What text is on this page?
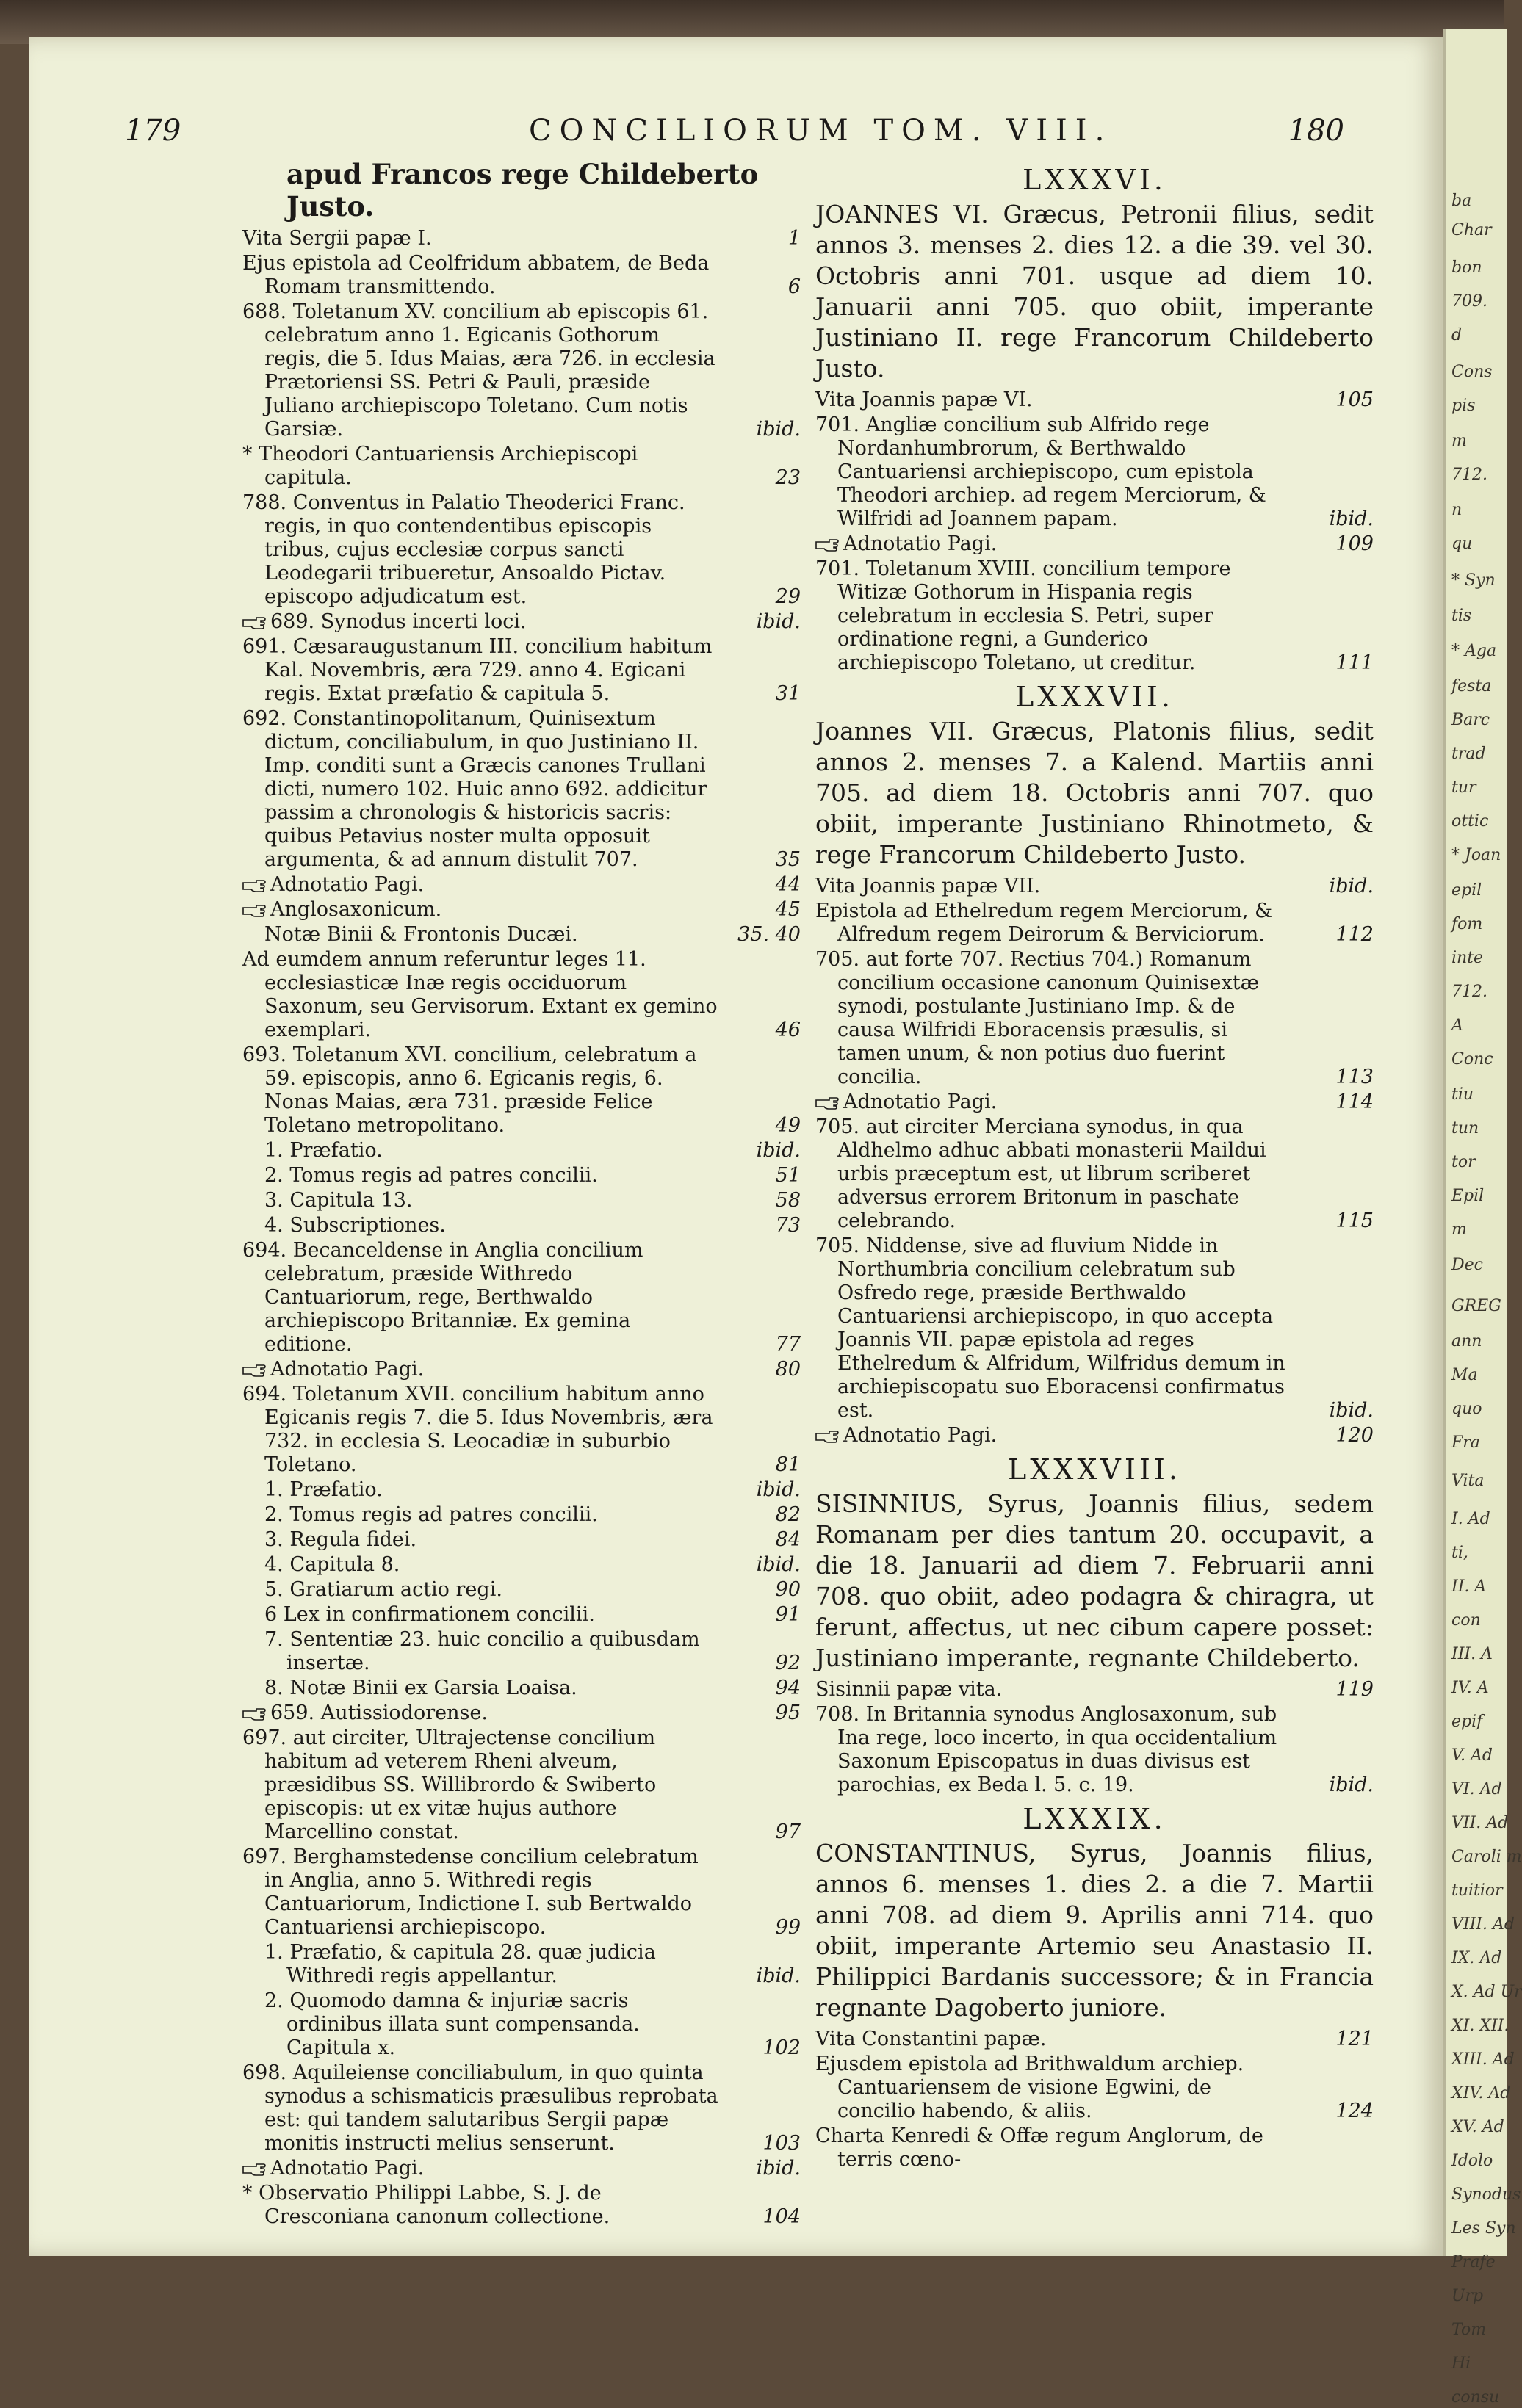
ba
Char
bon
709.
d
Cons
pis
m
712.
n
qu
* Syn
tis
* Aga
festa
Barc
trad
tur
ottic
* Joan
epil
fom
inte
712.
A
Conc
tiu
tun
tor
Epil
m
Dec
GREG
ann
Ma
quo
Fra
Vita
I. Ad
ti,
II. A
con
III. A
IV. A
epif
V. Ad
VI. Ad
VII. Ad
Caroli m
tuitior
VIII. Ad
IX. Ad
X. Ad Ur
XI. XII.
XIII. Ad
XIV. Ad
XV. Ad
Idolo
Synodus
Les Syn
Prafe
Urp
Tom
Hi
consu
179	CONCILIORUM TOM. VIII.	180
apud Francos rege Childeberto Justo.
Vita Sergii papæ I.	1
Ejus epistola ad Ceolfridum abbatem, de Beda Romam transmittendo.	6
688. Toletanum XV. concilium ab episcopis 61. celebratum anno 1. Egicanis Gothorum regis, die 5. Idus Maias, æra 726. in ecclesia Prætoriensi SS. Petri & Pauli, præside Juliano archiepiscopo Toletano. Cum notis Garsiæ.	ibid.
* Theodori Cantuariensis Archiepiscopi capitula.	23
788. Conventus in Palatio Theoderici Franc. regis, in quo contendentibus episcopis tribus, cujus ecclesiæ corpus sancti Leodegarii tribueretur, Ansoaldo Pictav. episcopo adjudicatum est.	29
689. Synodus incerti loci.	ibid.
691. Cæsaraugustanum III. concilium habitum Kal. Novembris, æra 729. anno 4. Egicani regis. Extat præfatio & capitula 5.	31
692. Constantinopolitanum, Quinisextum dictum, conciliabulum, in quo Justiniano II. Imp. conditi sunt a Græcis canones Trullani dicti, numero 102. Huic anno 692. addicitur passim a chronologis & historicis sacris: quibus Petavius noster multa opposuit argumenta, & ad annum distulit 707.	35
Adnotatio Pagi.	44
Anglosaxonicum.	45
Notæ Binii & Frontonis Ducæi.	35. 40
Ad eumdem annum referuntur leges 11. ecclesiasticæ Inæ regis occiduorum Saxonum, seu Gervisorum. Extant ex gemino exemplari.	46
693. Toletanum XVI. concilium, celebratum a 59. episcopis, anno 6. Egicanis regis, 6. Nonas Maias, æra 731. præside Felice Toletano metropolitano.	49
1. Præfatio.	ibid.
2. Tomus regis ad patres concilii.	51
3. Capitula 13.	58
4. Subscriptiones.	73
694. Becanceldense in Anglia concilium celebratum, præside Withredo Cantuariorum, rege, Berthwaldo archiepiscopo Britanniæ. Ex gemina editione.	77
Adnotatio Pagi.	80
694. Toletanum XVII. concilium habitum anno Egicanis regis 7. die 5. Idus Novembris, æra 732. in ecclesia S. Leocadiæ in suburbio Toletano.	81
1. Præfatio.	ibid.
2. Tomus regis ad patres concilii.	82
3. Regula fidei.	84
4. Capitula 8.	ibid.
5. Gratiarum actio regi.	90
6 Lex in confirmationem concilii.	91
7. Sententiæ 23. huic concilio a quibusdam insertæ.	92
8. Notæ Binii ex Garsia Loaisa.	94
659. Autissiodorense.	95
697. aut circiter, Ultrajectense concilium habitum ad veterem Rheni alveum, præsidibus SS. Willibrordo & Swiberto episcopis: ut ex vitæ hujus authore Marcellino constat.	97
697. Berghamstedense concilium celebratum in Anglia, anno 5. Withredi regis Cantuariorum, Indictione I. sub Bertwaldo Cantuariensi archiepiscopo.	99
1. Præfatio, & capitula 28. quæ judicia Withredi regis appellantur.	ibid.
2. Quomodo damna & injuriæ sacris ordinibus illata sunt compensanda. Capitula x.	102
698. Aquileiense conciliabulum, in quo quinta synodus a schismaticis præsulibus reprobata est: qui tandem salutaribus Sergii papæ monitis instructi melius senserunt.	103
Adnotatio Pagi.	ibid.
* Observatio Philippi Labbe, S. J. de Cresconiana canonum collectione.	104
LXXXVI.
JOANNES VI. Græcus, Petronii filius, sedit annos 3. menses 2. dies 12. a die 39. vel 30. Octobris anni 701. usque ad diem 10. Januarii anni 705. quo obiit, imperante Justiniano II. rege Francorum Childeberto Justo.
Vita Joannis papæ VI.	105
701. Angliæ concilium sub Alfrido rege Nordanhumbrorum, & Berthwaldo Cantuariensi archiepiscopo, cum epistola Theodori archiep. ad regem Merciorum, & Wilfridi ad Joannem papam.	ibid.
Adnotatio Pagi.	109
701. Toletanum XVIII. concilium tempore Witizæ Gothorum in Hispania regis celebratum in ecclesia S. Petri, super ordinatione regni, a Gunderico archiepiscopo Toletano, ut creditur.	111
LXXXVII.
Joannes VII. Græcus, Platonis filius, sedit annos 2. menses 7. a Kalend. Martiis anni 705. ad diem 18. Octobris anni 707. quo obiit, imperante Justiniano Rhinotmeto, & rege Francorum Childeberto Justo.
Vita Joannis papæ VII.	ibid.
Epistola ad Ethelredum regem Merciorum, & Alfredum regem Deirorum & Berviciorum.	112
705. aut forte 707. Rectius 704.) Romanum concilium occasione canonum Quinisextæ synodi, postulante Justiniano Imp. & de causa Wilfridi Eboracensis præsulis, si tamen unum, & non potius duo fuerint concilia.	113
Adnotatio Pagi.	114
705. aut circiter Merciana synodus, in qua Aldhelmo adhuc abbati monasterii Maildui urbis præceptum est, ut librum scriberet adversus errorem Britonum in paschate celebrando.	115
705. Niddense, sive ad fluvium Nidde in Northumbria concilium celebratum sub Osfredo rege, præside Berthwaldo Cantuariensi archiepiscopo, in quo accepta Joannis VII. papæ epistola ad reges Ethelredum & Alfridum, Wilfridus demum in archiepiscopatu suo Eboracensi confirmatus est.	ibid.
Adnotatio Pagi.	120
LXXXVIII.
SISINNIUS, Syrus, Joannis filius, sedem Romanam per dies tantum 20. occupavit, a die 18. Januarii ad diem 7. Februarii anni 708. quo obiit, adeo podagra & chiragra, ut ferunt, affectus, ut nec cibum capere posset: Justiniano imperante, regnante Childeberto.
Sisinnii papæ vita.	119
708. In Britannia synodus Anglosaxonum, sub Ina rege, loco incerto, in qua occidentalium Saxonum Episcopatus in duas divisus est parochias, ex Beda l. 5. c. 19.	ibid.
LXXXIX.
CONSTANTINUS, Syrus, Joannis filius, annos 6. menses 1. dies 2. a die 7. Martii anni 708. ad diem 9. Aprilis anni 714. quo obiit, imperante Artemio seu Anastasio II. Philippici Bardanis successore; & in Francia regnante Dagoberto juniore.
Vita Constantini papæ.	121
Ejusdem epistola ad Brithwaldum archiep. Cantuariensem de visione Egwini, de concilio habendo, & aliis.	124
Charta Kenredi & Offæ regum Anglorum, de terris cœno-
